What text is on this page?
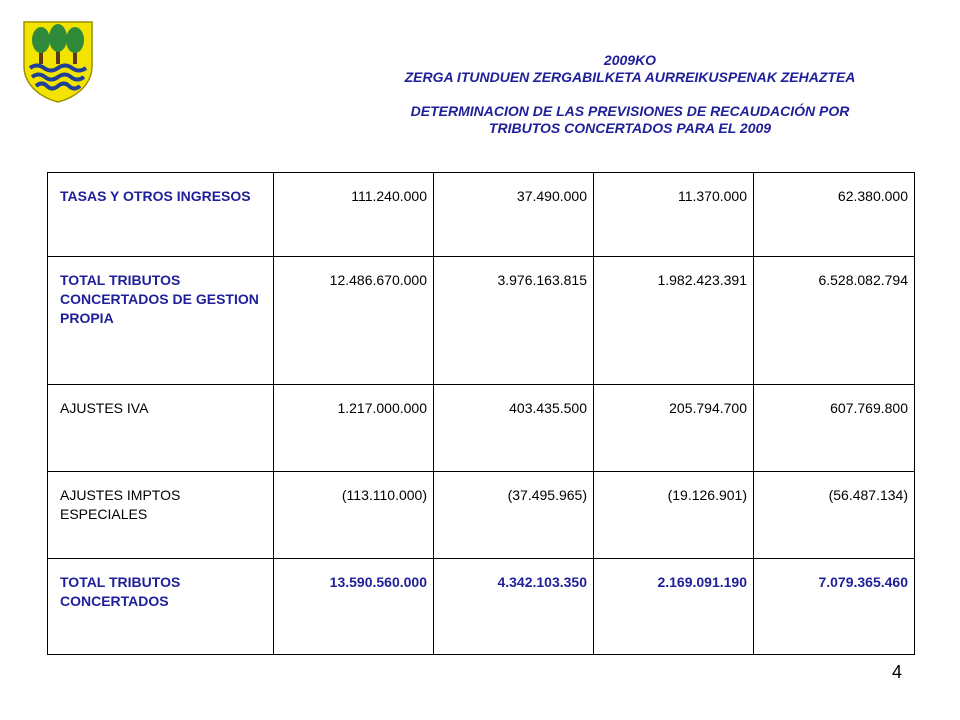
2009KO
ZERGA ITUNDUEN ZERGABILKETA AURREIKUSPENAK ZEHAZTEA
DETERMINACION DE LAS PREVISIONES DE RECAUDACIÓN POR
TRIBUTOS CONCERTADOS PARA EL 2009
TASAS Y OTROS INGRESOS	111.240.000	37.490.000	11.370.000	62.380.000
TOTAL TRIBUTOS CONCERTADOS DE GESTION PROPIA	12.486.670.000	3.976.163.815	1.982.423.391	6.528.082.794
AJUSTES IVA	1.217.000.000	403.435.500	205.794.700	607.769.800
AJUSTES IMPTOS ESPECIALES	(113.110.000)	(37.495.965)	(19.126.901)	(56.487.134)
TOTAL TRIBUTOS CONCERTADOS	13.590.560.000	4.342.103.350	2.169.091.190	7.079.365.460
4
